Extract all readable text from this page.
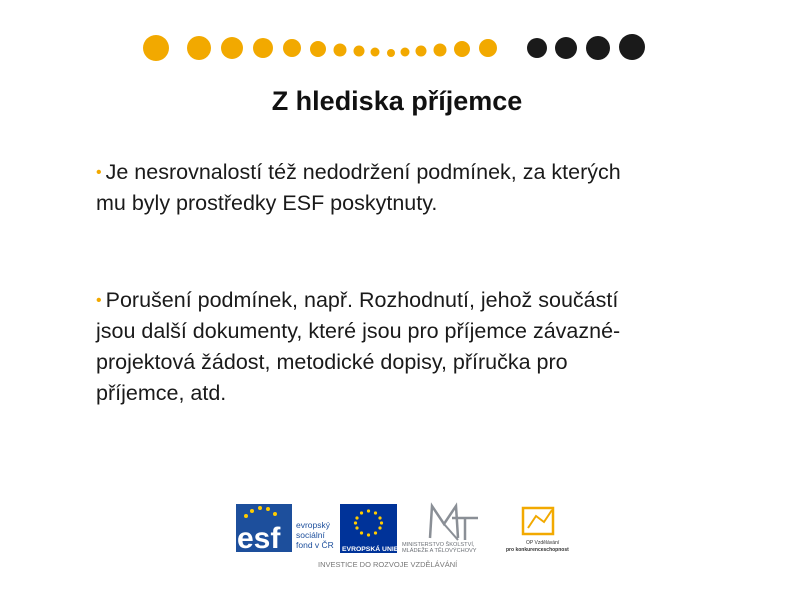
Z hlediska příjemce
• Je nesrovnalostí též nedodržení podmínek, za kterých mu byly prostředky ESF poskytnuty.
• Porušení podmínek, např. Rozhodnutí, jehož součástí jsou další dokumenty, které jsou pro příjemce závazné- projektová žádost, metodické dopisy, příručka pro příjemce, atd.
esf evropský
sociální
fond v ČR EVROPSKÁ UNIE
MINISTERSTVO ŠKOLSTVÍ,
MLÁDEŽE A TĚLOVÝCHOVY
OP Vzdělávání
pro konkurenceschopnost
INVESTICE DO ROZVOJE VZDĚLÁVÁNÍ
